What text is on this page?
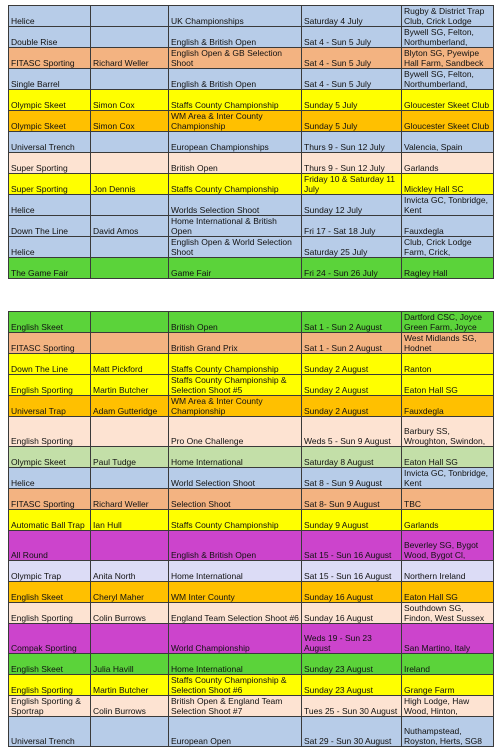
Helice		UK Championships	Saturday 4 July	Rugby & District Trap Club, Crick Lodge
Double Rise		English & British Open	Sat 4 - Sun 5 July	Bywell SG, Felton, Northumberland,
FITASC Sporting	Richard Weller	English Open & GB Selection Shoot	Sat 4 - Sun 5 July	Blyton SG, Pyewipe Hall Farm, Sandbeck
Single Barrel		English & British Open	Sat 4 - Sun 5 July	Bywell SG, Felton, Northumberland,
Olympic Skeet	Simon Cox	Staffs County Championship	Sunday 5 July	Gloucester Skeet Club
Olympic Skeet	Simon Cox	WM Area & Inter County Championship	Sunday 5 July	Gloucester Skeet Club
Universal Trench		European Championships	Thurs 9 - Sun 12 July	Valencia, Spain
Super Sporting		British Open	Thurs 9 - Sun 12 July	Garlands
Super Sporting	Jon Dennis	Staffs County Championship	Friday 10 & Saturday 11 July	Mickley Hall SC
Helice		Worlds Selection Shoot	Sunday 12 July	Invicta GC, Tonbridge, Kent
Down The Line	David Amos	Home International & British Open	Fri 17 - Sat 18 July	Fauxdegla
Helice		English Open & World Selection Shoot	Saturday 25 July	Club, Crick Lodge Farm, Crick,
The Game Fair		Game Fair	Fri 24 - Sun 26 July	Ragley Hall
English Skeet		British Open	Sat 1 - Sun 2 August	Dartford CSC, Joyce Green Farm, Joyce
FITASC Sporting		British Grand Prix	Sat 1 - Sun 2 August	West Midlands SG, Hodnet
Down The Line	Matt Pickford	Staffs County Championship	Sunday 2 August	Ranton
English Sporting	Martin Butcher	Staffs County Championship & Selection Shoot #5	Sunday 2 August	Eaton Hall SG
Universal Trap	Adam Gutteridge	WM Area & Inter County Championship	Sunday 2 August	Fauxdegla
English Sporting		Pro One Challenge	Weds 5 - Sun 9 August	Barbury SS, Wroughton, Swindon,
Olympic Skeet	Paul Tudge	Home International	Saturday 8 August	Eaton Hall SG
Helice		World Selection Shoot	Sat 8 - Sun 9 August	Invicta GC, Tonbridge, Kent
FITASC Sporting	Richard Weller	Selection Shoot	Sat 8- Sun 9 August	TBC
Automatic Ball Trap	Ian Hull	Staffs County Championship	Sunday 9 August	Garlands
All Round		English & British Open	Sat 15 - Sun 16 August	Beverley SG, Bygot Wood, Bygot Cl,
Olympic Trap	Anita North	Home International	Sat 15 - Sun 16 August	Northern Ireland
English Skeet	Cheryl Maher	WM Inter County	Sunday 16 August	Eaton Hall SG
English Sporting	Colin Burrows	England Team Selection Shoot #6	Sunday 16 August	Southdown SG, Findon, West Sussex
Compak Sporting		World Championship	Weds 19 - Sun 23 August	San Martino, Italy
English Skeet	Julia Havill	Home International	Sunday 23 August	Ireland
English Sporting	Martin Butcher	Staffs County Championship & Selection Shoot #6	Sunday 23 August	Grange Farm
English Sporting & Sportrap	Colin Burrows	British Open & England Team Selection Shoot #7	Tues 25 - Sun 30 August	High Lodge, Haw Wood, Hinton,
Universal Trench		European Open	Sat 29 - Sun 30 August	Nuthampstead, Royston, Herts, SG8
